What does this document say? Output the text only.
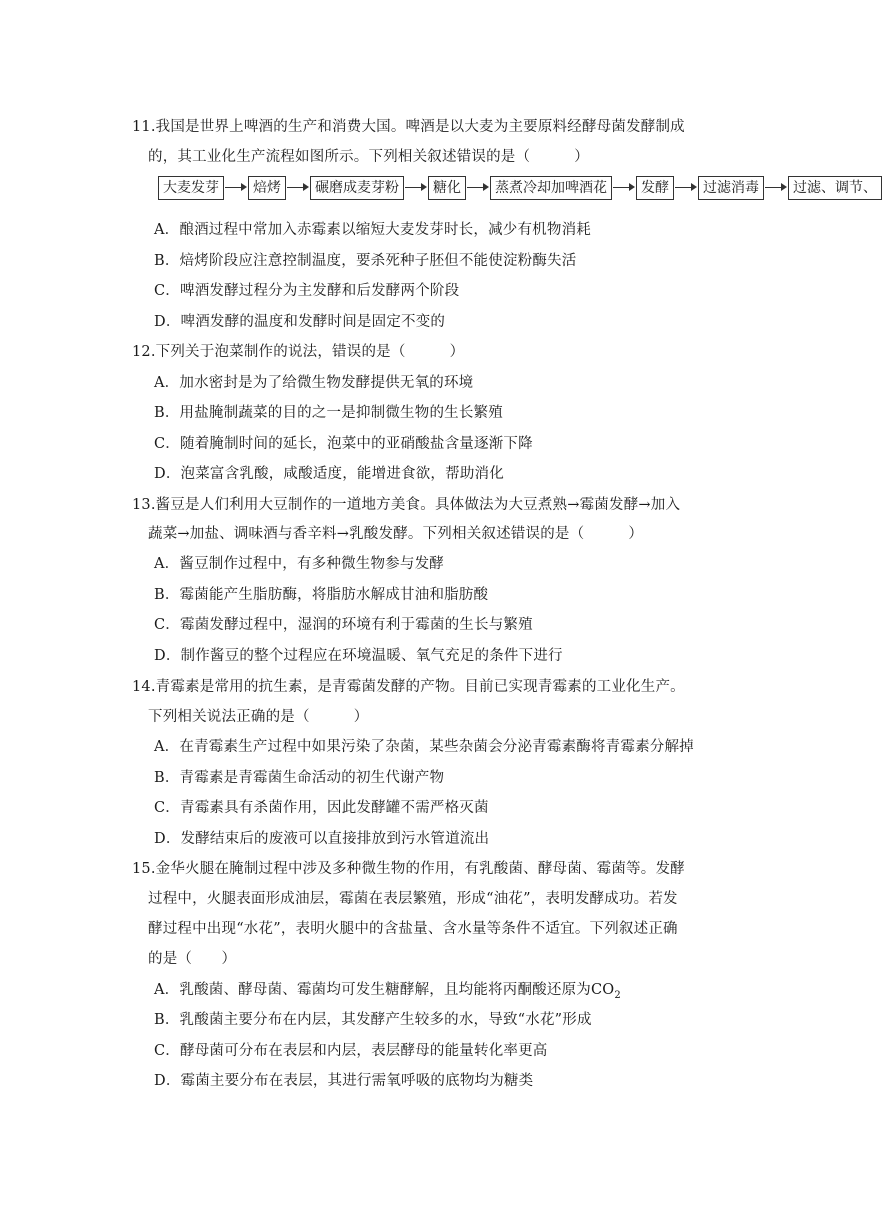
11.我国是世界上啤酒的生产和消费大国。啤酒是以大麦为主要原料经酵母菌发酵制成
的，其工业化生产流程如图所示。下列相关叙述错误的是（　　　）
大麦发芽	焙烤	碾磨成麦芽粉	糖化	蒸煮冷却加啤酒花	发酵	过滤消毒	过滤、调节、
A．酿酒过程中常加入赤霉素以缩短大麦发芽时长，减少有机物消耗
B．焙烤阶段应注意控制温度，要杀死种子胚但不能使淀粉酶失活
C．啤酒发酵过程分为主发酵和后发酵两个阶段
D．啤酒发酵的温度和发酵时间是固定不变的
12.下列关于泡菜制作的说法，错误的是（　　　）
A．加水密封是为了给微生物发酵提供无氧的环境
B．用盐腌制蔬菜的目的之一是抑制微生物的生长繁殖
C．随着腌制时间的延长，泡菜中的亚硝酸盐含量逐渐下降
D．泡菜富含乳酸，咸酸适度，能增进食欲，帮助消化
13.酱豆是人们利用大豆制作的一道地方美食。具体做法为大豆煮熟→霉菌发酵→加入
蔬菜→加盐、调味酒与香辛料→乳酸发酵。下列相关叙述错误的是（　　　）
A．酱豆制作过程中，有多种微生物参与发酵
B．霉菌能产生脂肪酶，将脂肪水解成甘油和脂肪酸
C．霉菌发酵过程中，湿润的环境有利于霉菌的生长与繁殖
D．制作酱豆的整个过程应在环境温暖、氧气充足的条件下进行
14.青霉素是常用的抗生素，是青霉菌发酵的产物。目前已实现青霉素的工业化生产。
下列相关说法正确的是（　　　）
A．在青霉素生产过程中如果污染了杂菌，某些杂菌会分泌青霉素酶将青霉素分解掉
B．青霉素是青霉菌生命活动的初生代谢产物
C．青霉素具有杀菌作用，因此发酵罐不需严格灭菌
D．发酵结束后的废液可以直接排放到污水管道流出
15.金华火腿在腌制过程中涉及多种微生物的作用，有乳酸菌、酵母菌、霉菌等。发酵
过程中，火腿表面形成油层，霉菌在表层繁殖，形成“油花”，表明发酵成功。若发
酵过程中出现“水花”，表明火腿中的含盐量、含水量等条件不适宜。下列叙述正确
的是（　　）
A．乳酸菌、酵母菌、霉菌均可发生糖酵解，且均能将丙酮酸还原为$CO_2$
B．乳酸菌主要分布在内层，其发酵产生较多的水，导致“水花”形成
C．酵母菌可分布在表层和内层，表层酵母的能量转化率更高
D．霉菌主要分布在表层，其进行需氧呼吸的底物均为糖类
